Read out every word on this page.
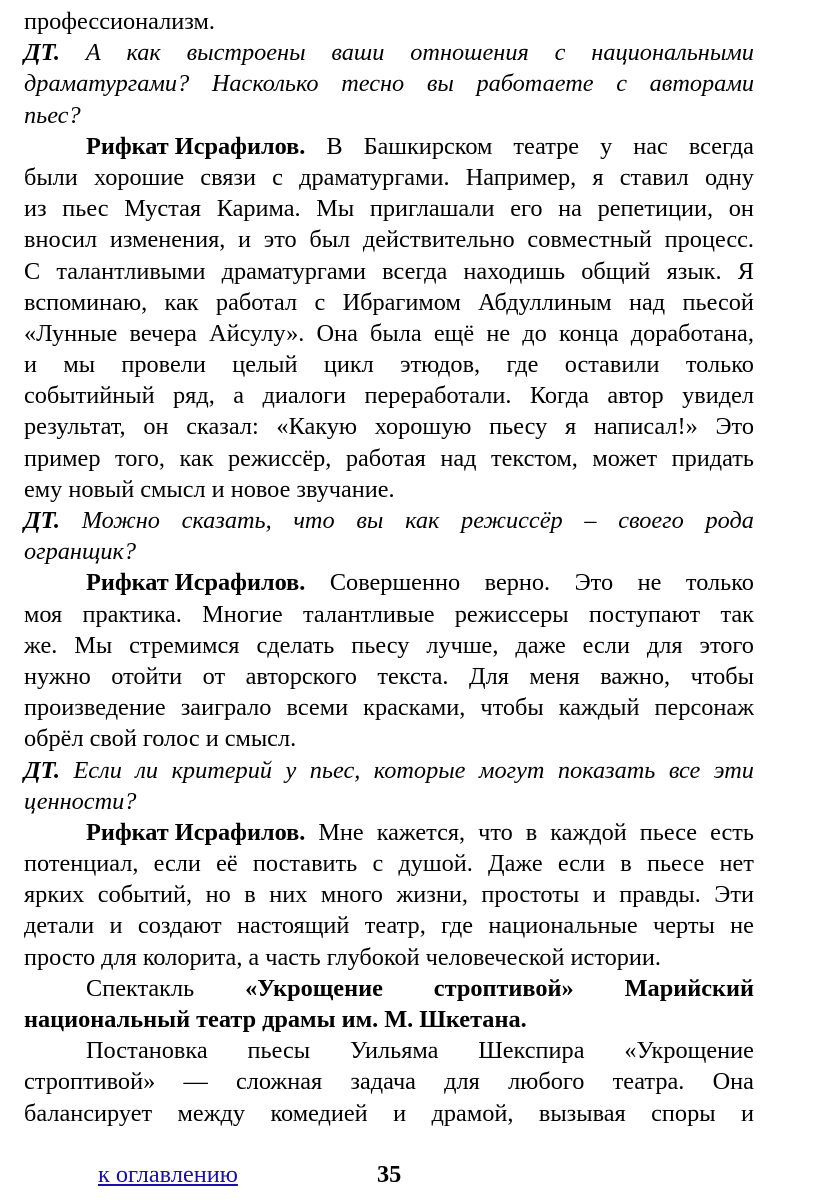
профессионализм.
ДТ. А как выстроены ваши отношения с национальными
драматургами? Насколько тесно вы работаете с авторами
пьес?
Рифкат Исрафилов. В Башкирском театре у нас всегда
были хорошие связи с драматургами. Например, я ставил одну
из пьес Мустая Карима. Мы приглашали его на репетиции, он
вносил изменения, и это был действительно совместный процесс.
С талантливыми драматургами всегда находишь общий язык. Я
вспоминаю, как работал с Ибрагимом Абдуллиным над пьесой
«Лунные вечера Айсулу». Она была ещё не до конца доработана,
и мы провели целый цикл этюдов, где оставили только
событийный ряд, а диалоги переработали. Когда автор увидел
результат, он сказал: «Какую хорошую пьесу я написал!» Это
пример того, как режиссёр, работая над текстом, может придать
ему новый смысл и новое звучание.
ДТ. Можно сказать, что вы как режиссёр – своего рода
огранщик?
Рифкат Исрафилов. Совершенно верно. Это не только
моя практика. Многие талантливые режиссеры поступают так
же. Мы стремимся сделать пьесу лучше, даже если для этого
нужно отойти от авторского текста. Для меня важно, чтобы
произведение заиграло всеми красками, чтобы каждый персонаж
обрёл свой голос и смысл.
ДТ. Если ли критерий у пьес, которые могут показать все эти
ценности?
Рифкат Исрафилов. Мне кажется, что в каждой пьесе есть
потенциал, если её поставить с душой. Даже если в пьесе нет
ярких событий, но в них много жизни, простоты и правды. Эти
детали и создают настоящий театр, где национальные черты не
просто для колорита, а часть глубокой человеческой истории.
Спектакль «Укрощение строптивой» Марийский
национальный театр драмы им. М. Шкетана.
Постановка пьесы Уильяма Шекспира «Укрощение
строптивой» — сложная задача для любого театра. Она
балансирует между комедией и драмой, вызывая споры и
к оглавлению	35
